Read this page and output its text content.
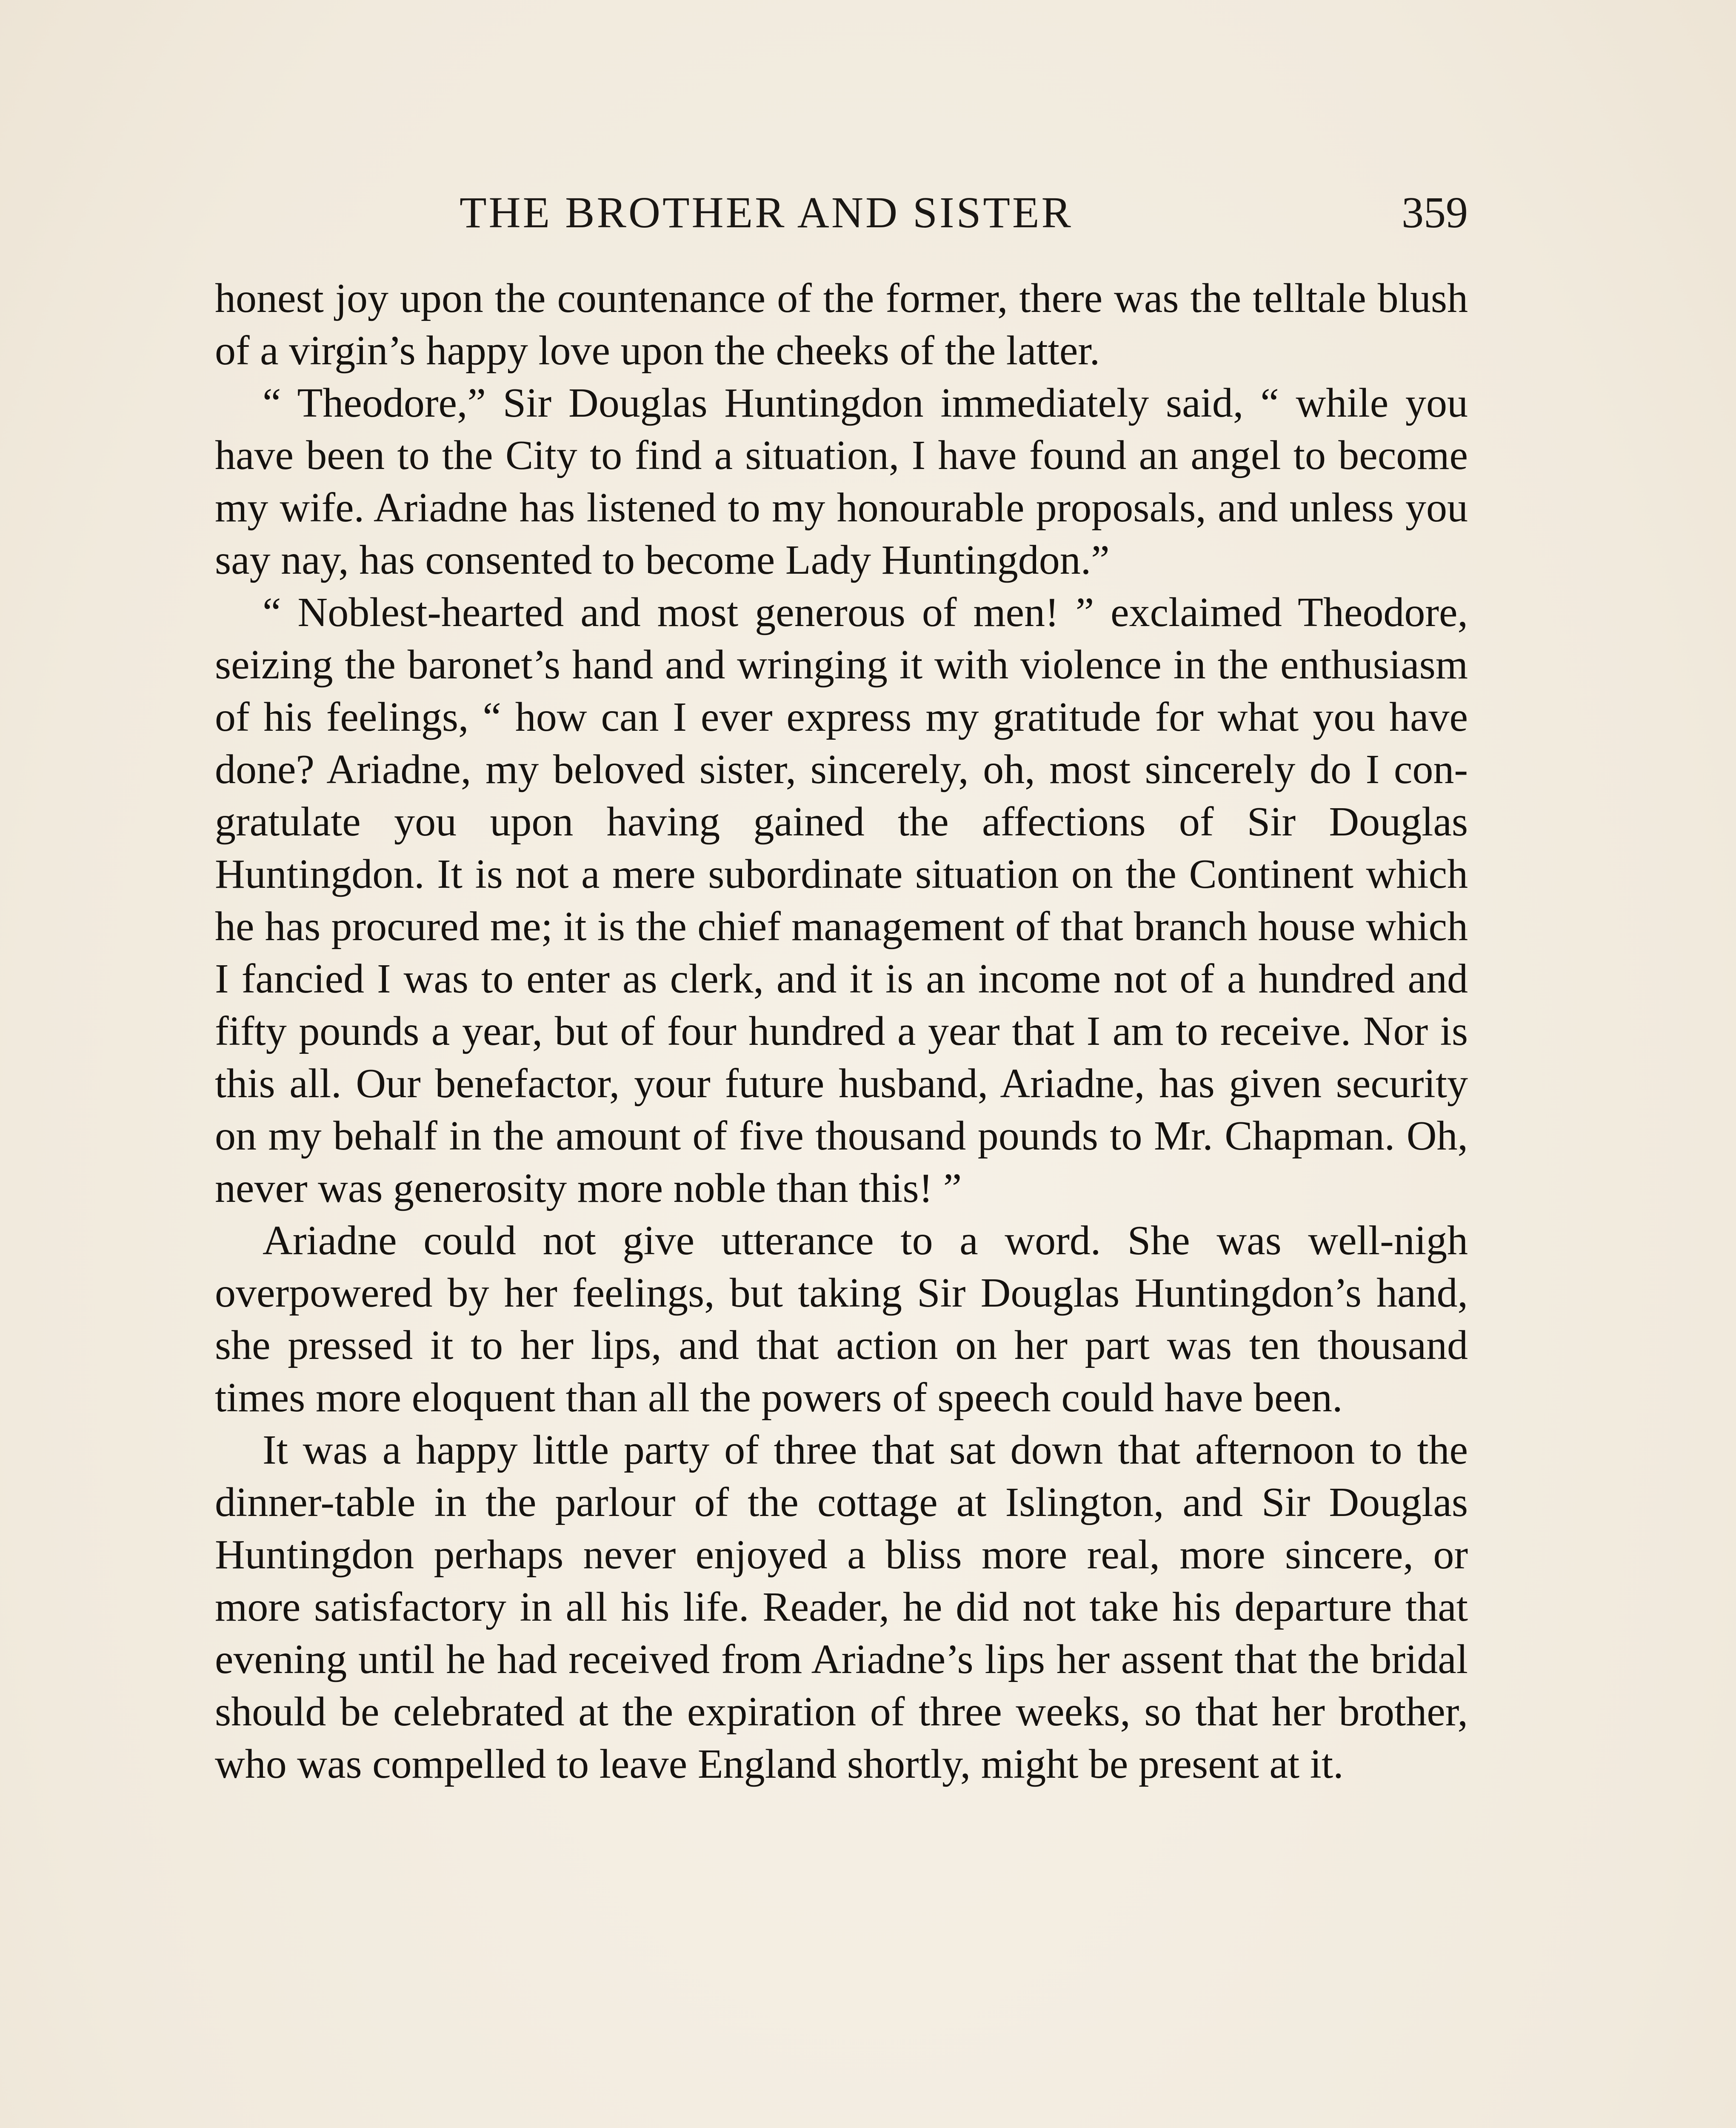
THE BROTHER AND SISTER	359

honest joy upon the countenance of the former, there was the telltale blush of a virgin’s happy love upon the cheeks of the latter.

“ Theodore,” Sir Douglas Huntingdon immediately said, “ while you have been to the City to find a situation, I have found an angel to become my wife. Ariadne has listened to my honourable proposals, and unless you say nay, has consented to become Lady Huntingdon.”

“ Noblest-hearted and most generous of men! ” exclaimed Theodore, seizing the baronet’s hand and wringing it with violence in the enthusiasm of his feelings, “ how can I ever express my gratitude for what you have done? Ariadne, my beloved sister, sincerely, oh, most sincerely do I congratulate you upon having gained the affections of Sir Douglas Huntingdon. It is not a mere subordinate situation on the Continent which he has procured me; it is the chief management of that branch house which I fancied I was to enter as clerk, and it is an income not of a hundred and fifty pounds a year, but of four hundred a year that I am to receive. Nor is this all. Our benefactor, your future husband, Ariadne, has given security on my behalf in the amount of five thousand pounds to Mr. Chapman. Oh, never was generosity more noble than this! ”

Ariadne could not give utterance to a word. She was well-nigh overpowered by her feelings, but taking Sir Douglas Huntingdon’s hand, she pressed it to her lips, and that action on her part was ten thousand times more eloquent than all the powers of speech could have been.

It was a happy little party of three that sat down that afternoon to the dinner-table in the parlour of the cottage at Islington, and Sir Douglas Huntingdon perhaps never enjoyed a bliss more real, more sincere, or more satisfactory in all his life. Reader, he did not take his departure that evening until he had received from Ariadne’s lips her assent that the bridal should be celebrated at the expiration of three weeks, so that her brother, who was compelled to leave England shortly, might be present at it.
